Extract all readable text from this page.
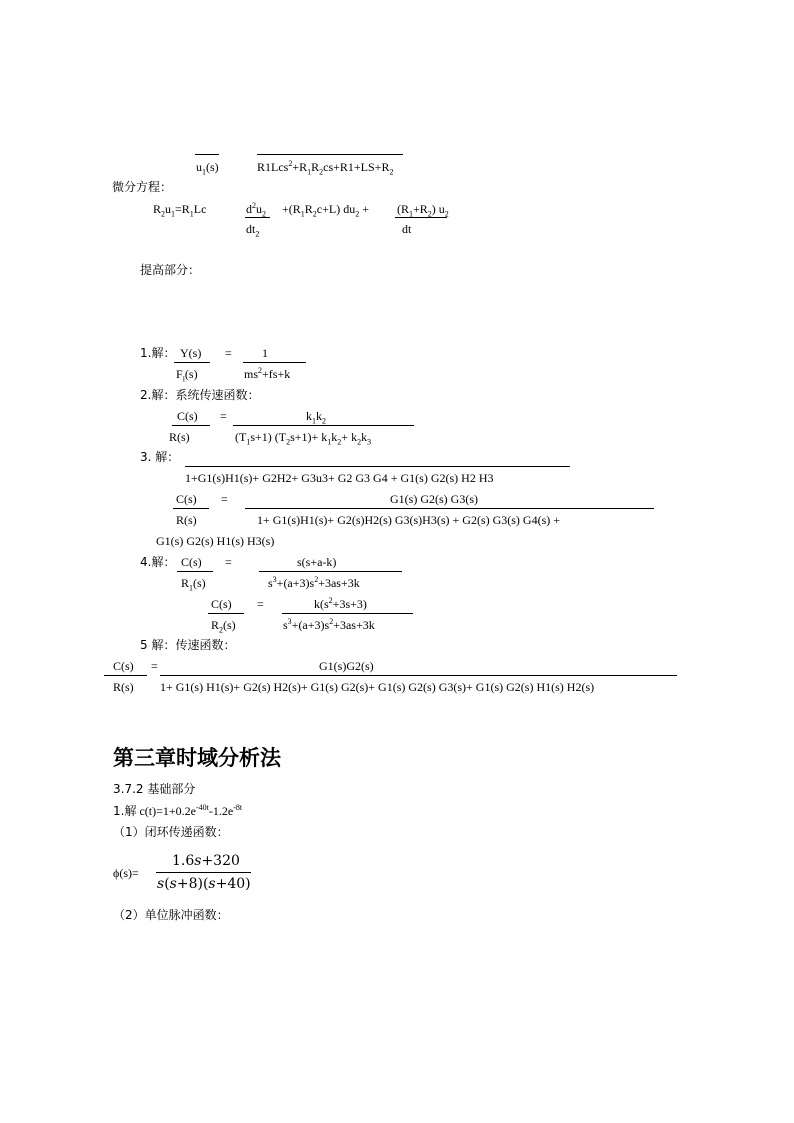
$u_1(s)$	$R1Lcs^2+R_1R_2cs+R1+LS+R_2$
微分方程：
$R_2u_1=R_1Lc$	$d^2u_2$
$dt_2$
$+(R_1R_2c+L) du_2 + (R_1+R_2)$ $u_2$
dt
提高部分：
1.解： Y(s)
$F_i(s)$
=	1
$ms^2+fs+k$
2.解：系统传速函数：
C(s)
R(s)
=	$k_1k_2$
$(T_1s+1)$ $(T_2s+1)+ k_1k_2+ k_2k_3$
3. 解：
1+G1(s)H1(s)+ G2H2+ G3u3+ G2 G3 G4 + G1(s) G2(s) H2 H3
C(s)
R(s)
=	G1(s) G2(s) G3(s)
1+ G1(s)H1(s)+ G2(s)H2(s) G3(s)H3(s) + G2(s) G3(s) G4(s) +
G1(s) G2(s) H1(s) H3(s)
4.解： C(s)
$R_1(s)$
=	s(s+a-k)
$s^3+(a+3)s^2+3as+3k$
C(s)
$R_2(s)$
=	$k(s^2+3s+3)$
$s^3+(a+3)s^2+3as+3k$
5 解：传速函数：
C(s)
R(s)
=	G1(s)G2(s)
1+ G1(s) H1(s)+ G2(s) H2(s)+ G1(s) G2(s)+ G1(s) G2(s) G3(s)+ G1(s) G2(s) H1(s) H2(s)
第三章时域分析法
3.7.2 基础部分
1.解 $c(t)=1+0.2e^{-40t}-1.2e^{-8t}$
（1）闭环传递函数：
ϕ(s)=
1.6s+320
s(s+8)(s+40)
（2）单位脉冲函数：
